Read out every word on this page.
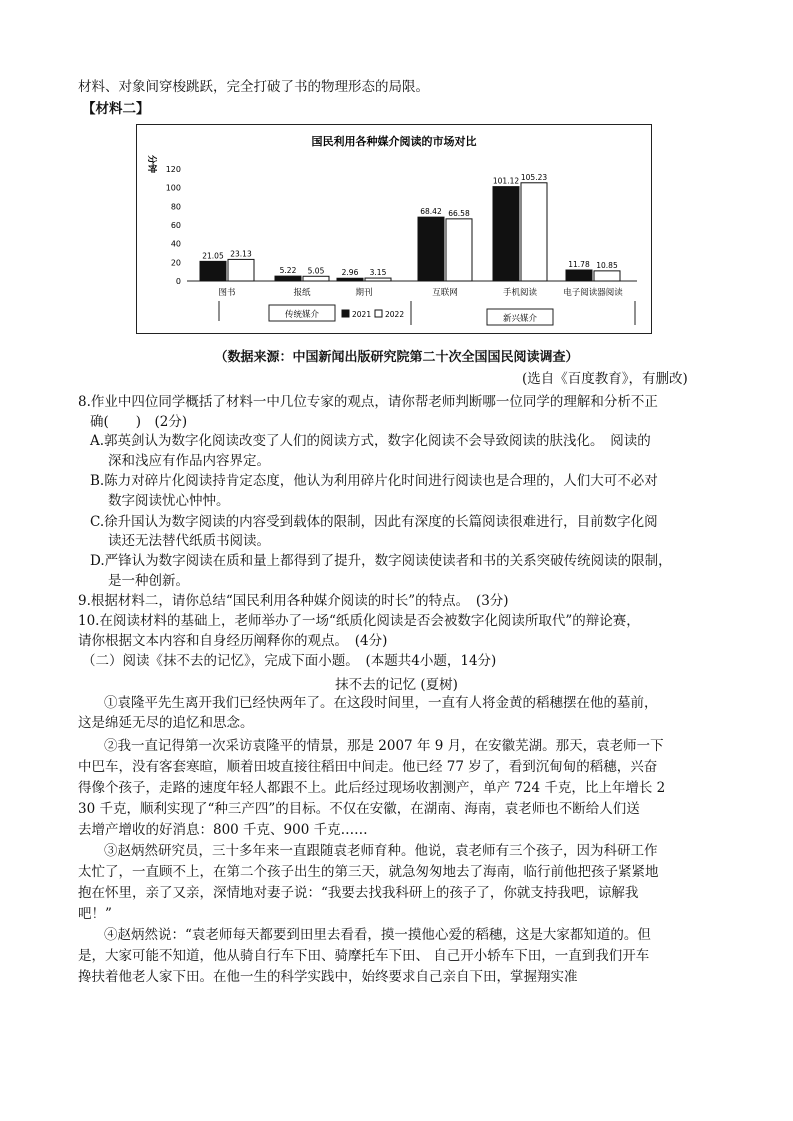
材料、对象间穿梭跳跃，完全打破了书的物理形态的局限。
【材料二】
国民利用各种媒介阅读的市场对比
分钟
0
20
40
60
80
100
120
21.05 23.13
图书
5.22 5.05
报纸
2.96 3.15
期刊
68.42 66.58
互联网
101.12 105.23
手机阅读
11.78 10.85
电子阅读器阅读
传统媒介	新兴媒介
2021 2022
（数据来源：中国新闻出版研究院第二十次全国国民阅读调查）
(选自《百度教育》，有删改)
8.作业中四位同学概括了材料一中几位专家的观点，请你帮老师判断哪一位同学的理解和分析不正
确(　　)　(2分)
A.郭英剑认为数字化阅读改变了人们的阅读方式，数字化阅读不会导致阅读的肤浅化。　阅读的
深和浅应有作品内容界定。
B.陈力对碎片化阅读持肯定态度，他认为利用碎片化时间进行阅读也是合理的，人们大可不必对
数字阅读忧心忡忡。
C.徐升国认为数字阅读的内容受到载体的限制，因此有深度的长篇阅读很难进行，目前数字化阅
读还无法替代纸质书阅读。
D.严锋认为数字阅读在质和量上都得到了提升，数字阅读使读者和书的关系突破传统阅读的限制，
是一种创新。
9.根据材料二，请你总结“国民利用各种媒介阅读的时长”的特点。　(3分)
10.在阅读材料的基础上，老师举办了一场“纸质化阅读是否会被数字化阅读所取代”的辩论赛，
请你根据文本内容和自身经历阐释你的观点。　(4分)
（二）阅读《抹不去的记忆》，完成下面小题。　(本题共4小题，14分)
抹不去的记忆 (夏树)
①袁隆平先生离开我们已经快两年了。在这段时间里，一直有人将金黄的稻穗摆在他的墓前，
这是绵延无尽的追忆和思念。
②我一直记得第一次采访袁隆平的情景，那是 2007 年 9 月，在安徽芜湖。那天，袁老师一下
中巴车，没有客套寒暄，顺着田坡直接往稻田中间走。他已经 77 岁了，看到沉甸甸的稻穗，兴奋
得像个孩子，走路的速度年轻人都跟不上。此后经过现场收割测产，单产 724 千克，比上年增长 2
30 千克，顺利实现了“种三产四”的目标。不仅在安徽，在湖南、海南，袁老师也不断给人们送
去增产增收的好消息：800 千克、900 千克……
③赵炳然研究员，三十多年来一直跟随袁老师育种。他说，袁老师有三个孩子，因为科研工作
太忙了，一直顾不上，在第二个孩子出生的第三天，就急匆匆地去了海南，临行前他把孩子紧紧地
抱在怀里，亲了又亲，深情地对妻子说：“我要去找我科研上的孩子了，你就支持我吧，谅解我
吧！”
④赵炳然说：“袁老师每天都要到田里去看看，摸一摸他心爱的稻穗，这是大家都知道的。但
是，大家可能不知道，他从骑自行车下田、骑摩托车下田、 自己开小轿车下田，一直到我们开车
搀扶着他老人家下田。在他一生的科学实践中，始终要求自己亲自下田，掌握翔实准
